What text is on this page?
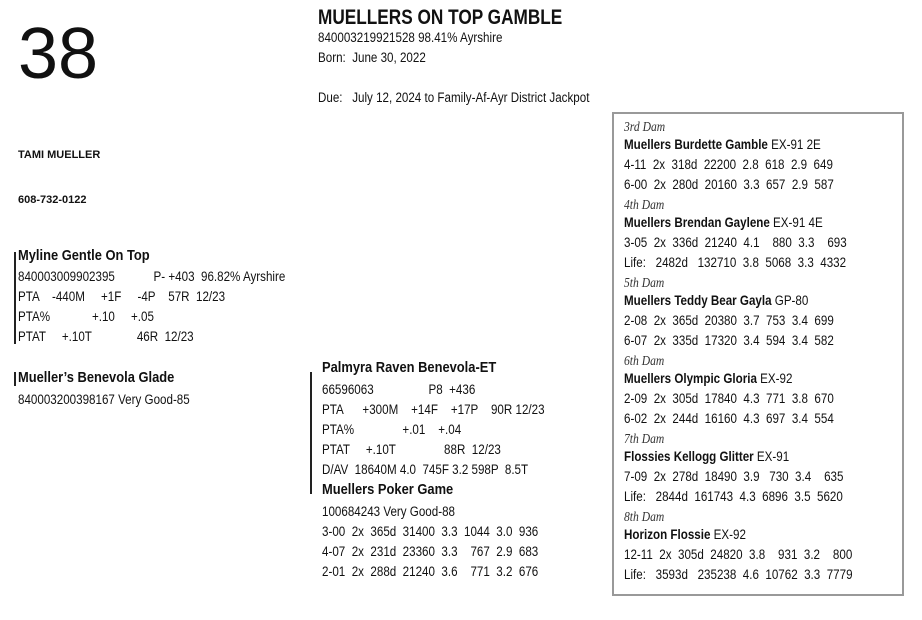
38

TAMI MUELLER

608-732-0122

MUELLERS ON TOP GAMBLE
840003219921528 98.41% Ayrshire
Born:  June 30, 2022
Due:   July 12, 2024 to Family-Af-Ayr District Jackpot
Myline Gentle On Top
840003009902395            P- +403  96.82% Ayrshire
PTA    -440M     +1F     -4P    57R  12/23
PTA%             +.10     +.05
PTAT     +.10T              46R  12/23
Mueller’s Benevola Glade
840003200398167 Very Good-85
Palmyra Raven Benevola-ET
66596063                 P8  +436
PTA      +300M    +14F    +17P    90R 12/23
PTA%               +.01    +.04
PTAT     +.10T               88R  12/23
D/AV  18640M 4.0  745F 3.2 598P  8.5T
Muellers Poker Game
100684243 Very Good-88
3-00  2x  365d  31400  3.3  1044  3.0  936
4-07  2x  231d  23360  3.3    767  2.9  683
2-01  2x  288d  21240  3.6    771  3.2  676
3rd Dam
Muellers Burdette Gamble EX-91 2E
4-11  2x  318d  22200  2.8  618  2.9  649
6-00  2x  280d  20160  3.3  657  2.9  587
4th Dam
Muellers Brendan Gaylene EX-91 4E
3-05  2x  336d  21240  4.1    880  3.3    693
Life:   2482d   132710  3.8  5068  3.3  4332
5th Dam
Muellers Teddy Bear Gayla GP-80
2-08  2x  365d  20380  3.7  753  3.4  699
6-07  2x  335d  17320  3.4  594  3.4  582
6th Dam
Muellers Olympic Gloria EX-92
2-09  2x  305d  17840  4.3  771  3.8  670
6-02  2x  244d  16160  4.3  697  3.4  554
7th Dam
Flossies Kellogg Glitter EX-91
7-09  2x  278d  18490  3.9   730  3.4    635
Life:   2844d  161743  4.3  6896  3.5  5620
8th Dam
Horizon Flossie EX-92
12-11  2x  305d  24820  3.8    931  3.2    800
Life:   3593d   235238  4.6  10762  3.3  7779
